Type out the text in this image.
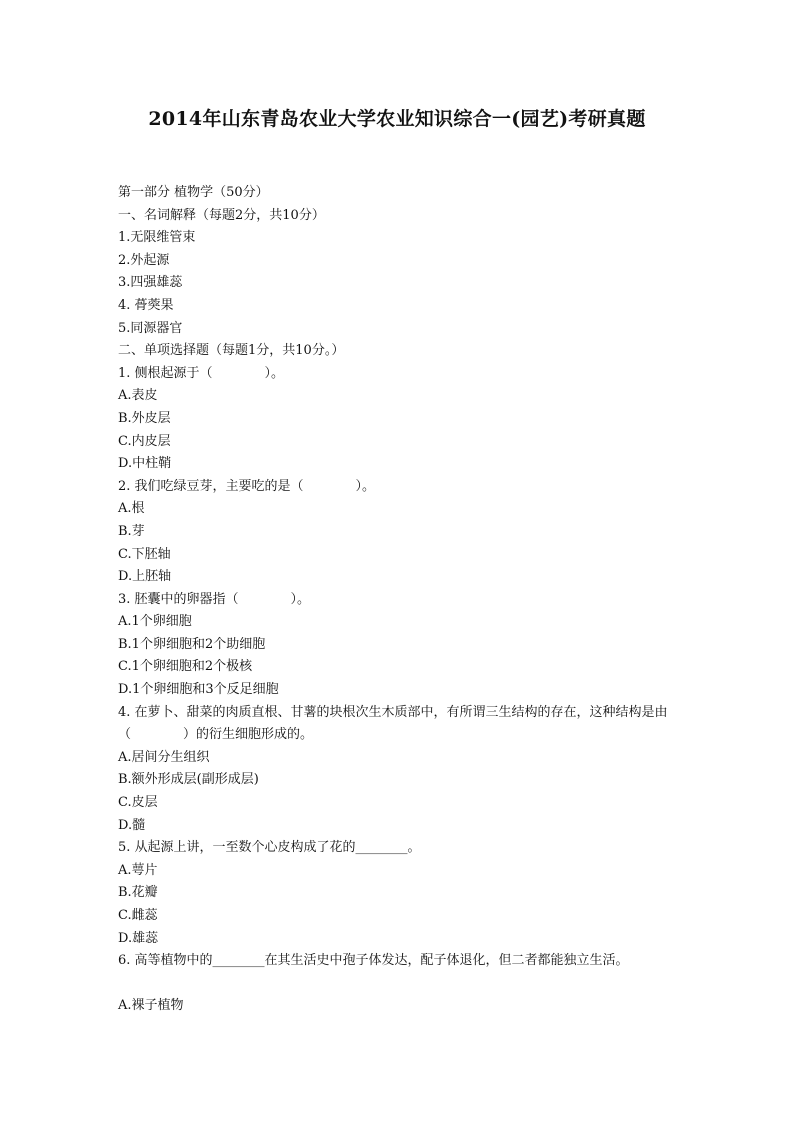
2014年山东青岛农业大学农业知识综合一(园艺)考研真题
第一部分 植物学（50分）
一、名词解释（每题2分，共10分）
1.无限维管束
2.外起源
3.四强雄蕊
4. 蓇葖果
5.同源器官
二、单项选择题（每题1分，共10分。）
1. 侧根起源于（　　　　）。
A.表皮
B.外皮层
C.内皮层
D.中柱鞘
2. 我们吃绿豆芽，主要吃的是（　　　　）。
A.根
B.芽
C.下胚轴
D.上胚轴
3. 胚囊中的卵器指（　　　　）。
A.1个卵细胞
B.1个卵细胞和2个助细胞
C.1个卵细胞和2个极核
D.1个卵细胞和3个反足细胞
4. 在萝卜、甜菜的肉质直根、甘薯的块根次生木质部中，有所谓三生结构的存在，这种结构是由（　　　　）的衍生细胞形成的。
A.居间分生组织
B.额外形成层(副形成层)
C.皮层
D.髓
5. 从起源上讲，一至数个心皮构成了花的________。
A.萼片
B.花瓣
C.雌蕊
D.雄蕊
6. 高等植物中的________在其生活史中孢子体发达，配子体退化，但二者都能独立生活。
A.裸子植物
